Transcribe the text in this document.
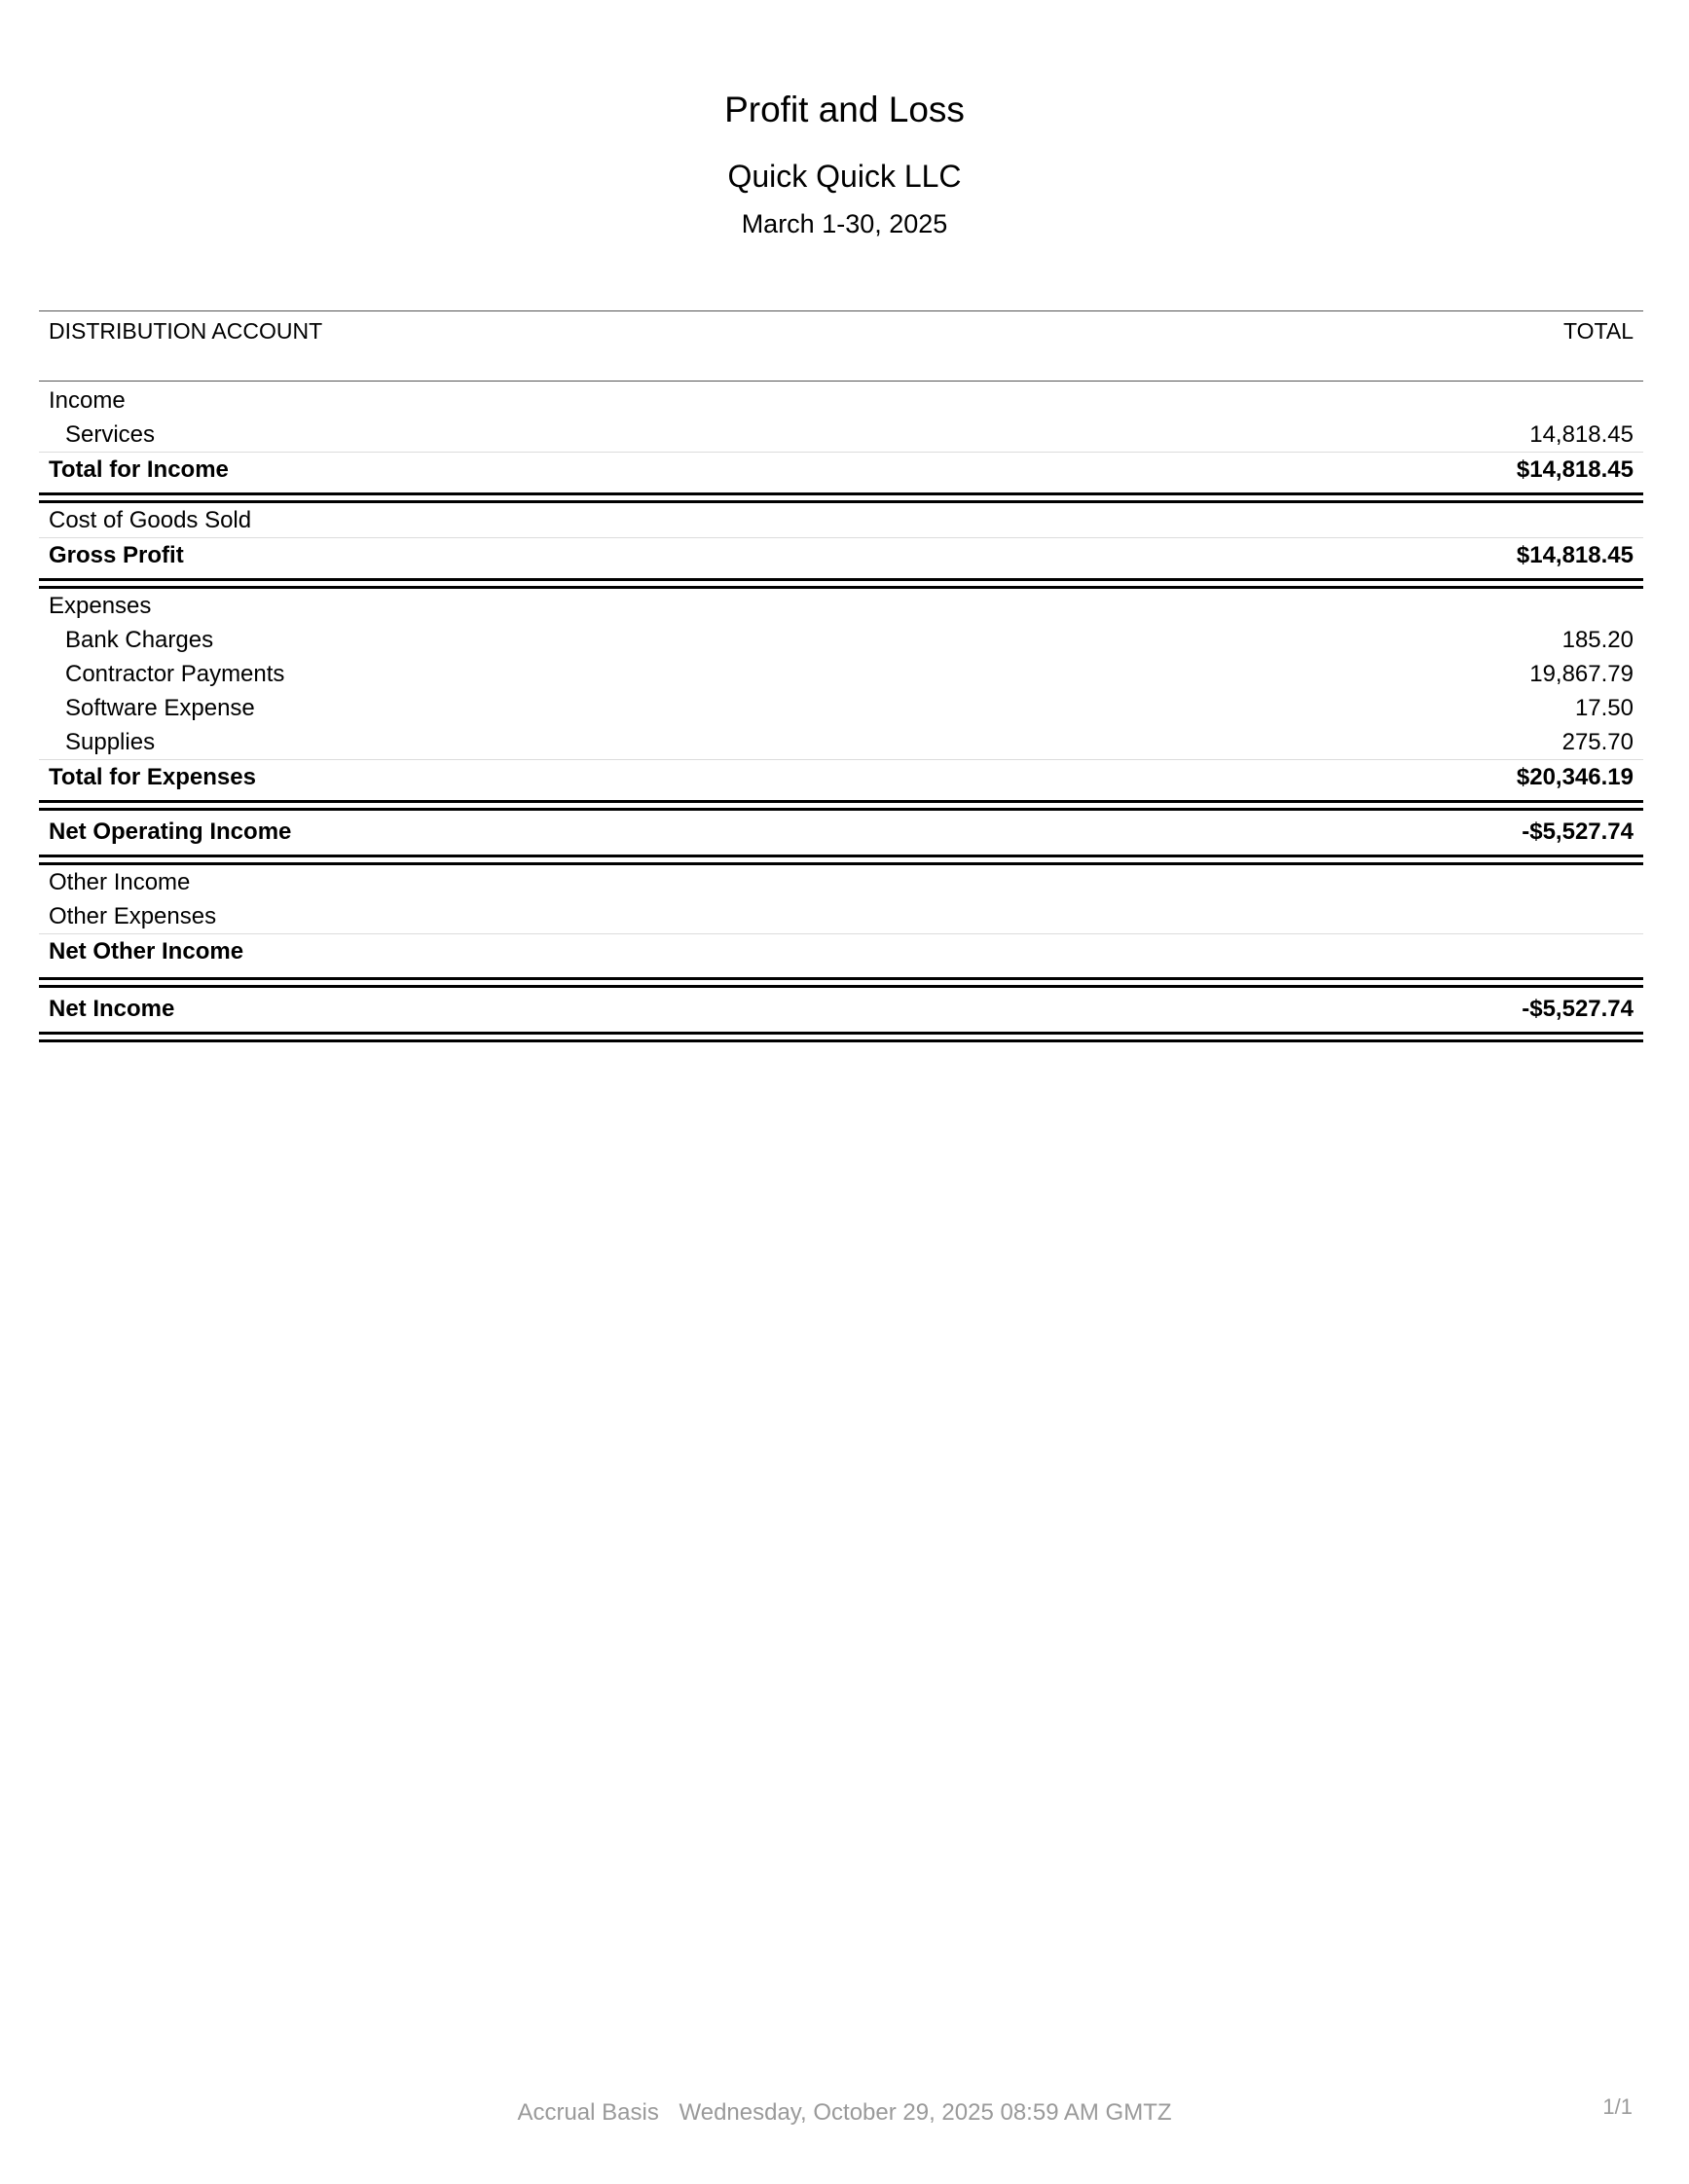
Profit and Loss
Quick Quick LLC
March 1-30, 2025
DISTRIBUTION ACCOUNT	TOTAL
Income
Services	14,818.45
Total for Income	$14,818.45
Cost of Goods Sold
Gross Profit	$14,818.45
Expenses
Bank Charges	185.20
Contractor Payments	19,867.79
Software Expense	17.50
Supplies	275.70
Total for Expenses	$20,346.19
Net Operating Income	-$5,527.74
Other Income
Other Expenses
Net Other Income
Net Income	-$5,527.74
Accrual Basis Wednesday, October 29, 2025 08:59 AM GMTZ	1/1
